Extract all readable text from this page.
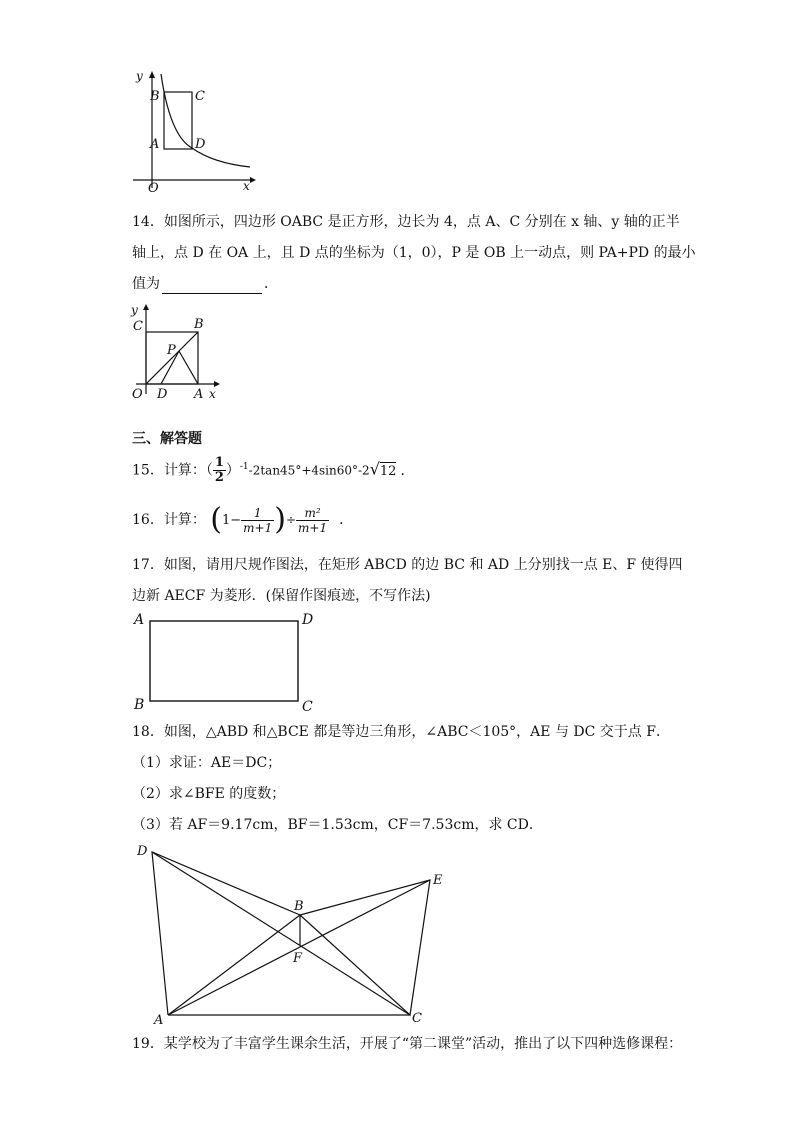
y
x
O
B	C
A	D
14．如图所示，四边形 OABC 是正方形，边长为 4，点 A、C 分别在 x 轴、y 轴的正半
轴上，点 D 在 OA 上，且 D 点的坐标为（1，0），P 是 OB 上一动点，则 PA+PD 的最小
值为	．
y
C	B
P
O D A x
三、解答题
15．计算：（ $\frac{1}{2} )^{-1}-2\tan 45^\circ+4\sin 60^\circ-2√12$ ．
16．计算： ($1- \frac{1}{m+1}$ )÷ $\frac{\text{m²}}{m+1}$ ．
17．如图，请用尺规作图法，在矩形 ABCD 的边 BC 和 AD 上分别找一点 E、F 使得四
边新 AECF 为菱形．(保留作图痕迹，不写作法)
A	D
B	C
18．如图，△ABD 和△BCE 都是等边三角形，∠ABC＜105°，AE 与 DC 交于点 F．
（1）求证：AE＝DC；
（2）求∠BFE 的度数；
（3）若 AF＝9.17cm，BF＝1.53cm，CF＝7.53cm，求 CD．
D
E
B
F
A	C
19．某学校为了丰富学生课余生活，开展了“第二课堂”活动，推出了以下四种选修课程：
